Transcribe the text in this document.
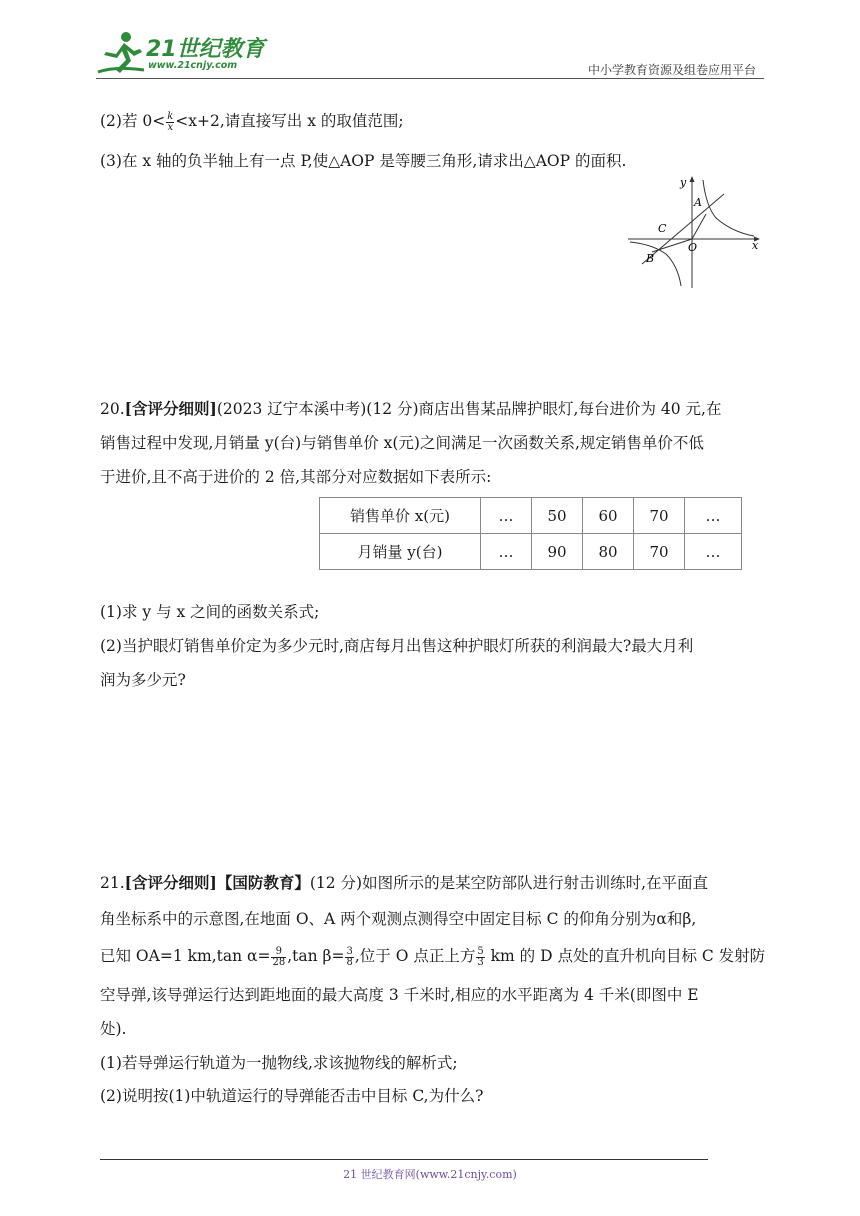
21世纪教育
www.21cnjy.com	中小学教育资源及组卷应用平台
(2)若 $0< \frac{k}{x} <x+2$,请直接写出 x 的取值范围;
(3)在 x 轴的负半轴上有一点 P,使△AOP 是等腰三角形,请求出△AOP 的面积.
y
x
A
B
C
O
20.[含评分细则](2023 辽宁本溪中考)(12 分)商店出售某品牌护眼灯,每台进价为 40 元,在
销售过程中发现,月销量 y(台)与销售单价 x(元)之间满足一次函数关系,规定销售单价不低
于进价,且不高于进价的 2 倍,其部分对应数据如下表所示:
销售单价 x(元)	…	50	60	70	…
月销量 y(台)	…	90	80	70	…
(1)求 y 与 x 之间的函数关系式;
(2)当护眼灯销售单价定为多少元时,商店每月出售这种护眼灯所获的利润最大?最大月利
润为多少元?
21.[含评分细则]【国防教育】(12 分)如图所示的是某空防部队进行射击训练时,在平面直
角坐标系中的示意图,在地面 O、A 两个观测点测得空中固定目标 C 的仰角分别为α和β,
已知 OA=1 km,tan $\alpha= \frac{9}{28} ,\tan$ $\beta= \frac{3}{8}$ ,位于 O 点正上方 $\frac{5}{3}$ km 的 D 点处的直升机向目标 C 发射防
空导弹,该导弹运行达到距地面的最大高度 3 千米时,相应的水平距离为 4 千米(即图中 E
处).
(1)若导弹运行轨道为一抛物线,求该抛物线的解析式;
(2)说明按(1)中轨道运行的导弹能否击中目标 C,为什么?
21 世纪教育网(www.21cnjy.com)
